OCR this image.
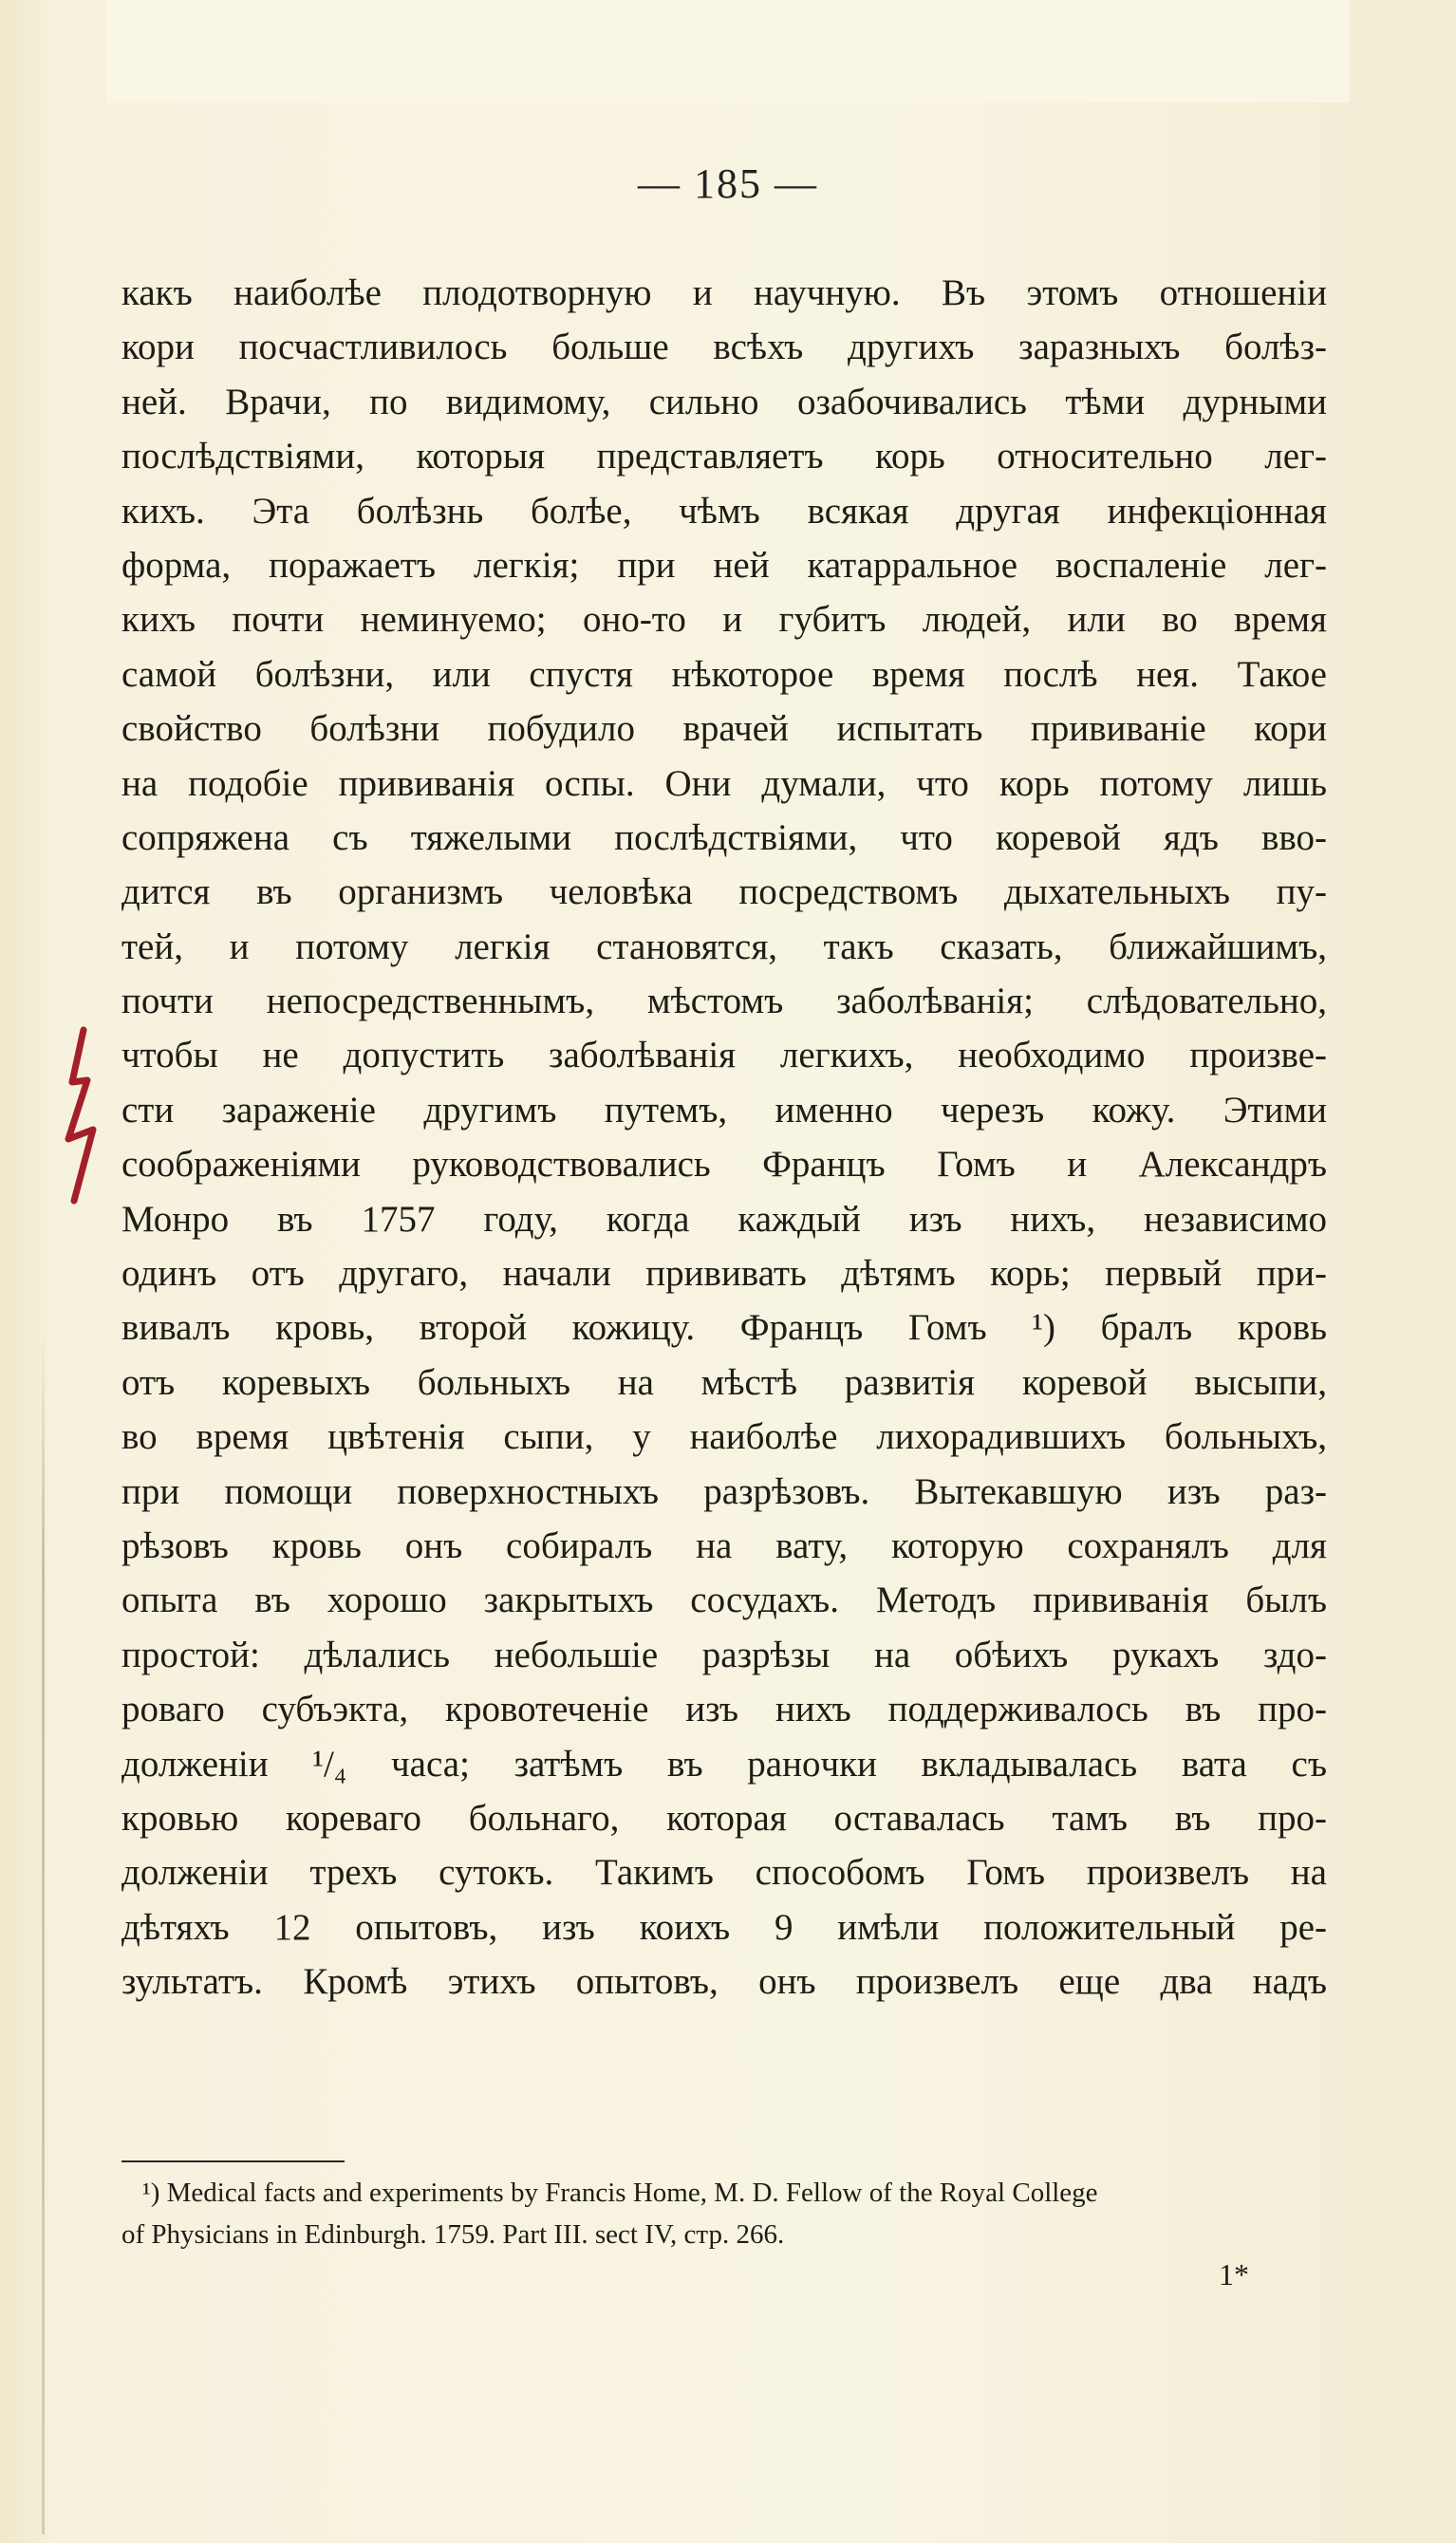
— 185 —
какъ наиболѣе плодотворную и научную. Въ этомъ отношеніи
кори посчастливилось больше всѣхъ другихъ заразныхъ болѣз-
ней. Врачи, по видимому, сильно озабочивались тѣми дурными
послѣдствіями, которыя представляетъ корь относительно лег-
кихъ. Эта болѣзнь болѣе, чѣмъ всякая другая инфекціонная
форма, поражаетъ легкія; при ней катарральное воспаленіе лег-
кихъ почти неминуемо; оно-то и губитъ людей, или во время
самой болѣзни, или спустя нѣкоторое время послѣ нея. Такое
свойство болѣзни побудило врачей испытать прививаніе кори
на подобіе прививанія оспы. Они думали, что корь потому лишь
сопряжена съ тяжелыми послѣдствіями, что коревой ядъ вво-
дится въ организмъ человѣка посредствомъ дыхательныхъ пу-
тей, и потому легкія становятся, такъ сказать, ближайшимъ,
почти непосредственнымъ, мѣстомъ заболѣванія; слѣдовательно,
чтобы не допустить заболѣванія легкихъ, необходимо произве-
сти зараженіе другимъ путемъ, именно черезъ кожу. Этими
соображеніями руководствовались Францъ Гомъ и Александръ
Монро въ 1757 году, когда каждый изъ нихъ, независимо
одинъ отъ другаго, начали прививать дѣтямъ корь; первый при-
вивалъ кровь, второй кожицу. Францъ Гомъ ¹) бралъ кровь
отъ коревыхъ больныхъ на мѣстѣ развитія коревой высыпи,
во время цвѣтенія сыпи, у наиболѣе лихорадившихъ больныхъ,
при помощи поверхностныхъ разрѣзовъ. Вытекавшую изъ раз-
рѣзовъ кровь онъ собиралъ на вату, которую сохранялъ для
опыта въ хорошо закрытыхъ сосудахъ. Методъ прививанія былъ
простой: дѣлались небольшіе разрѣзы на обѣихъ рукахъ здо-
роваго субъэкта, кровотеченіе изъ нихъ поддерживалось въ про-
долженіи ¹/₄ часа; затѣмъ въ ранoчки вкладывалась вата съ
кровью кореваго больнаго, которая оставалась тамъ въ про-
долженіи трехъ сутокъ. Такимъ способомъ Гомъ произвелъ на
дѣтяхъ 12 опытовъ, изъ коихъ 9 имѣли положительный ре-
зультатъ. Кромѣ этихъ опытовъ, онъ произвелъ еще два надъ
¹) Medical facts and experiments by Francis Home, M. D. Fellow of the Royal College
of Physicians in Edinburgh. 1759. Part III. sect IV, стр. 266.
1*
